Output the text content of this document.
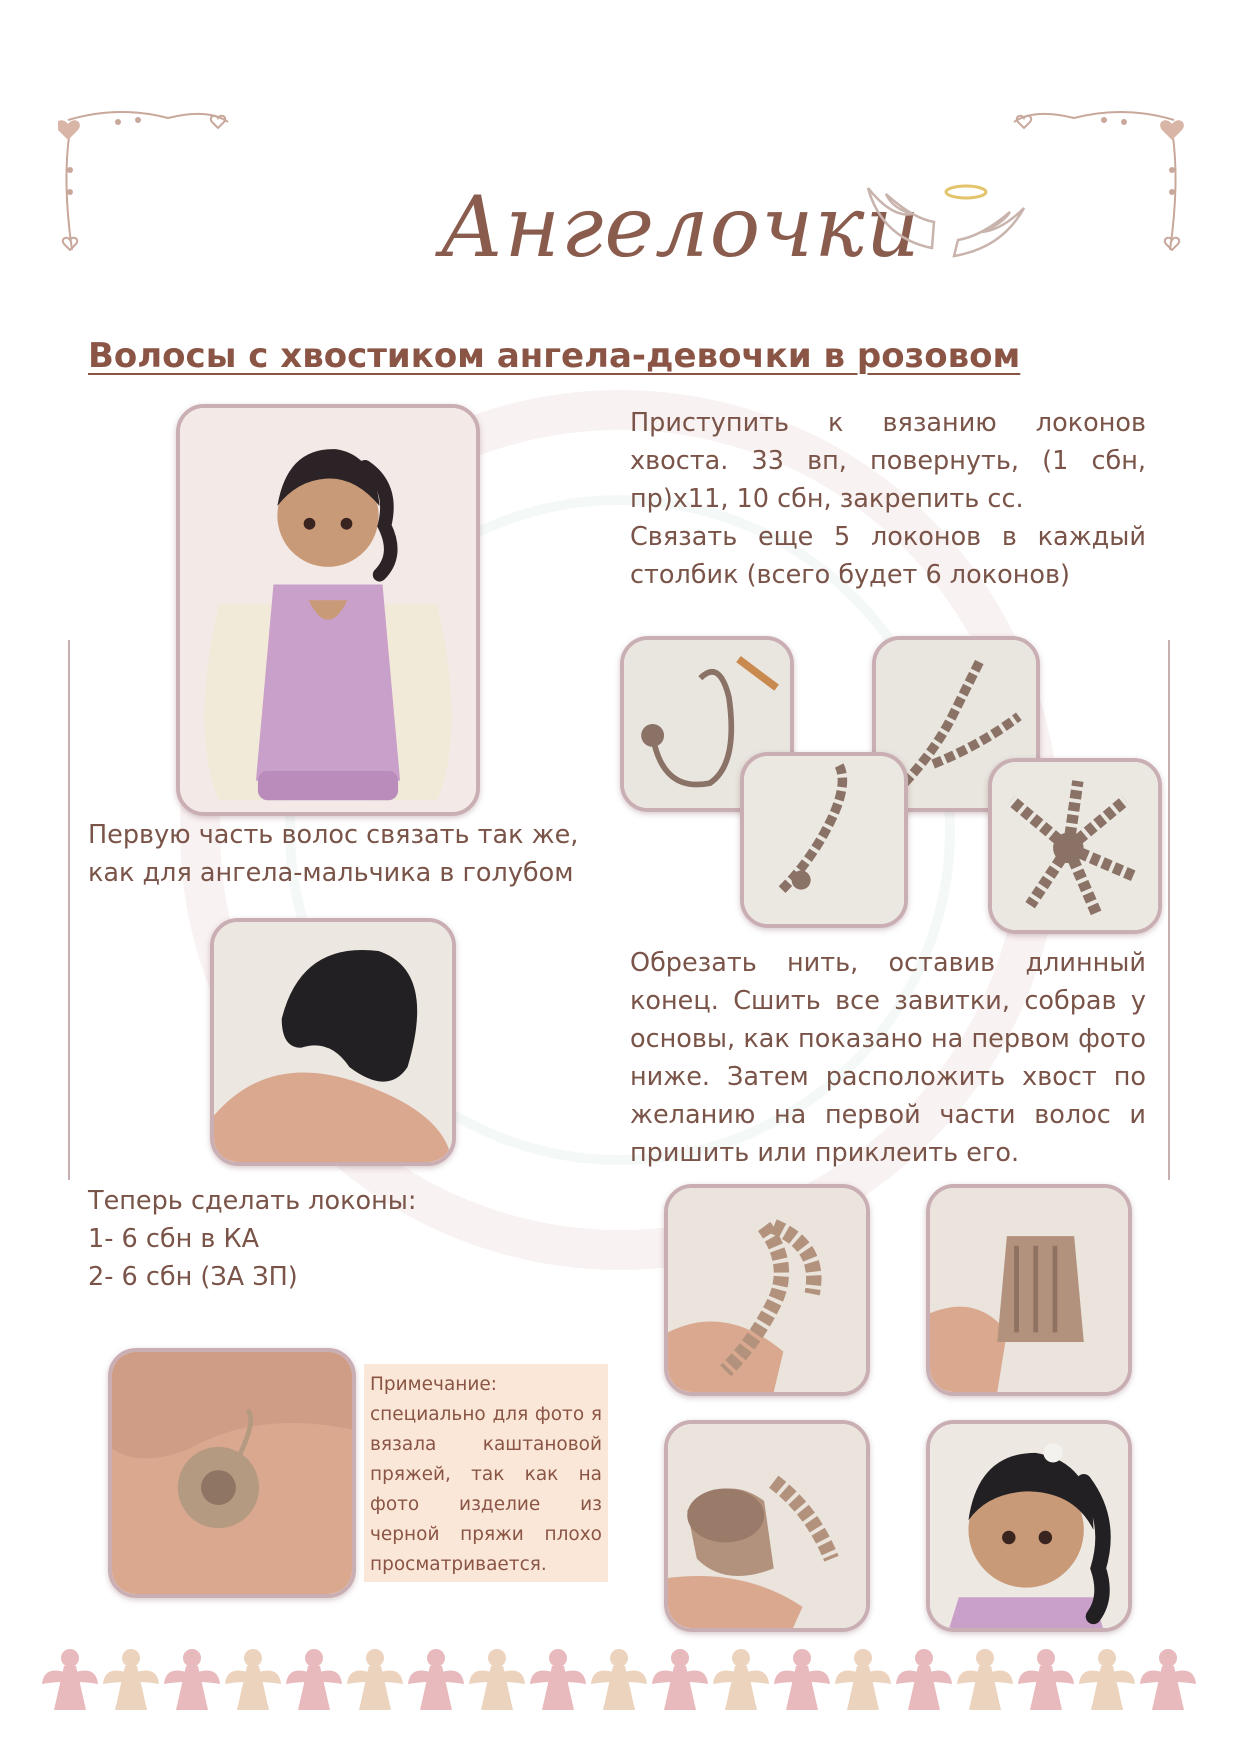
Ангелочки
Волосы с хвостиком ангела-девочки в розовом

Приступить к вязанию локонов хвоста. 33 вп, повернуть, (1 сбн, пр)х11, 10 сбн, закрепить сс.

Связать еще 5 локонов в каждый столбик (всего будет 6 локонов)

Первую часть волос связать так же,
как для ангела-мальчика в голубом

Обрезать нить, оставив длинный конец. Сшить все завитки, собрав у основы, как показано на первом фото ниже. Затем расположить хвост по желанию на первой части волос и пришить или приклеить его.

Теперь сделать локоны:
1- 6 сбн в КА
2- 6 сбн (ЗА ЗП)

Примечание:

специально для фото я вязала каштановой пряжей, так как на фото изделие из черной пряжи плохо просматривается.
